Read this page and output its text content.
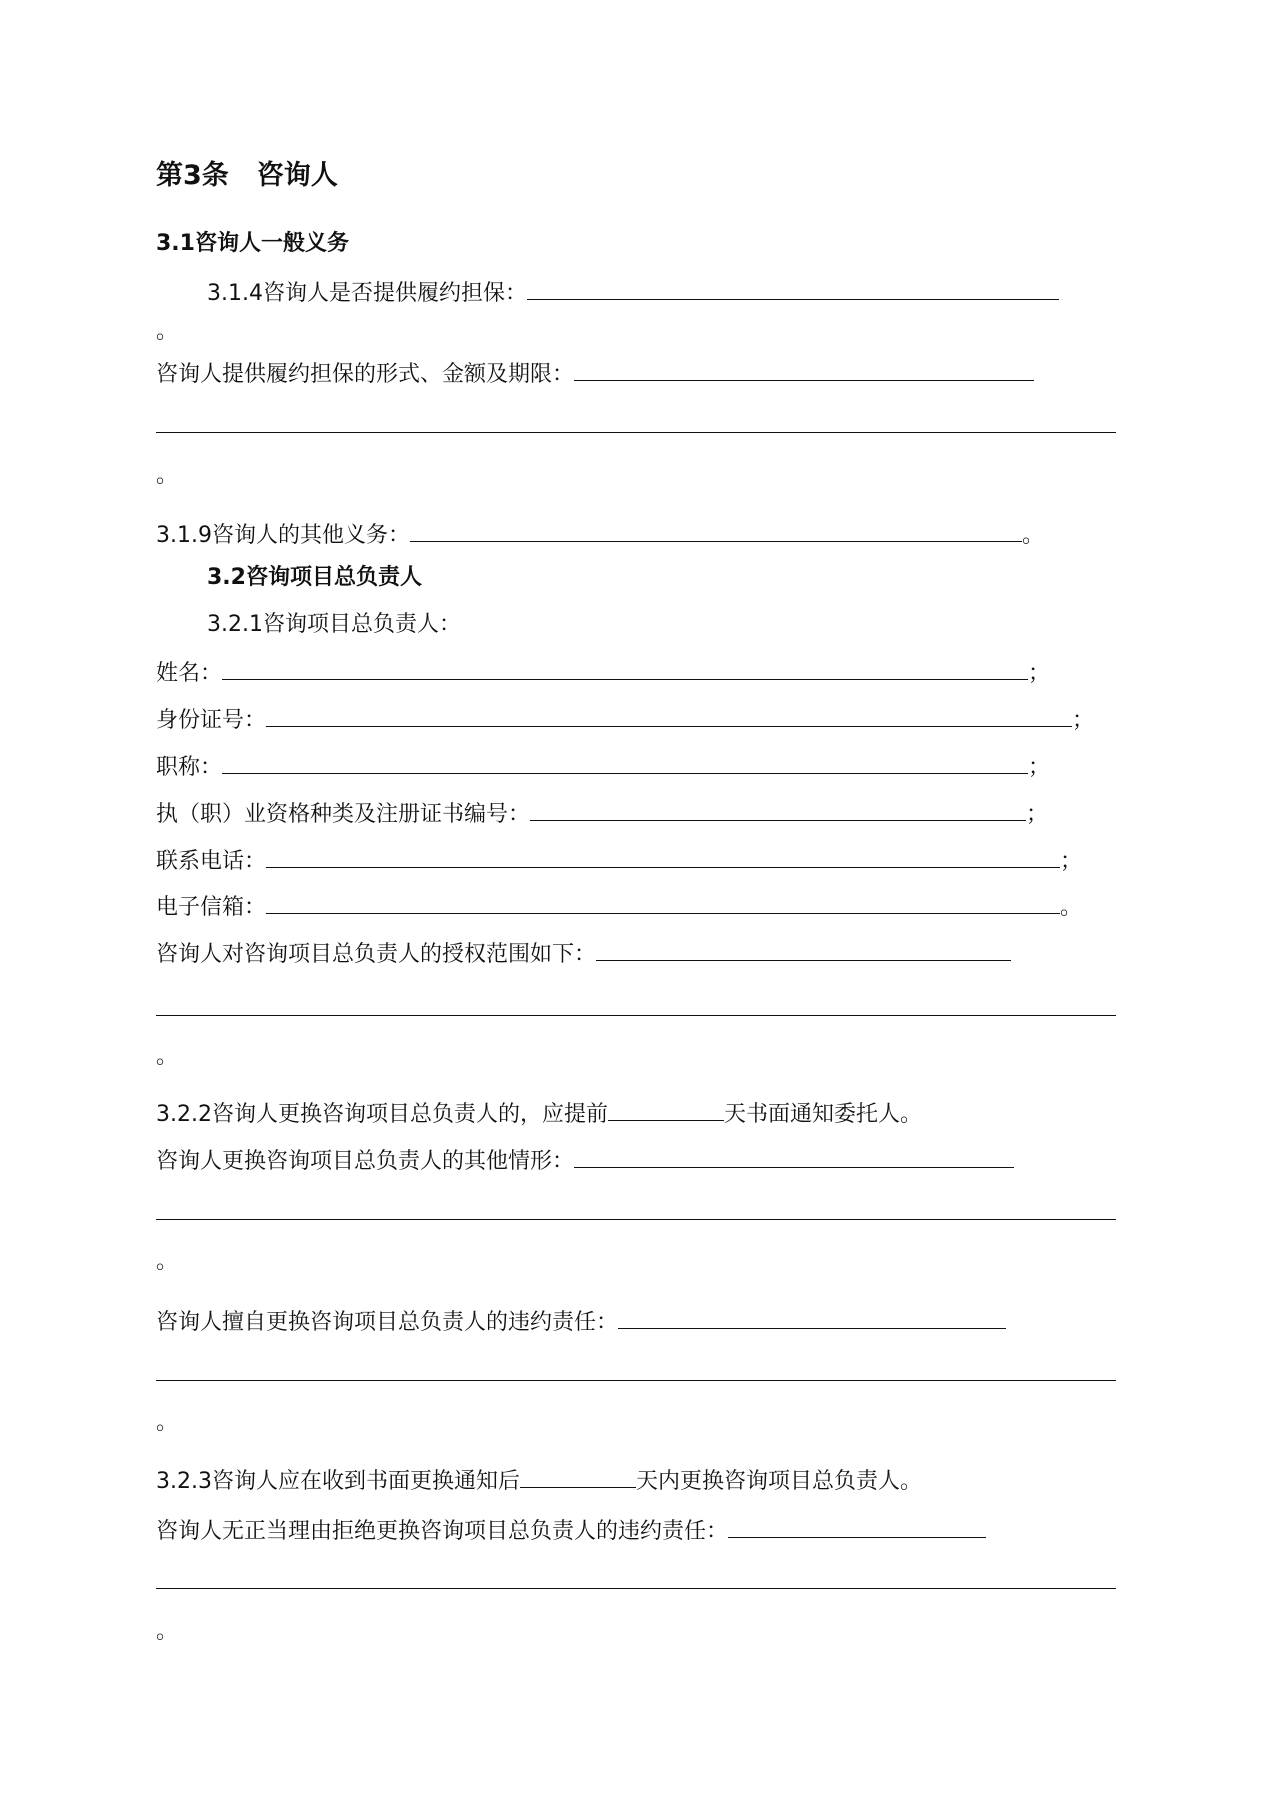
第3条 咨询人
3.1咨询人一般义务
3.1.4咨询人是否提供履约担保：
。
咨询人提供履约担保的形式、金额及期限：
。
3.1.9咨询人的其他义务：	。
3.2咨询项目总负责人
3.2.1咨询项目总负责人：
姓名：	；
身份证号：	；
职称：	；
执（职）业资格种类及注册证书编号：	；
联系电话：	；
电子信箱：	。
咨询人对咨询项目总负责人的授权范围如下：
。
3.2.2咨询人更换咨询项目总负责人的，应提前	天书面通知委托人。
咨询人更换咨询项目总负责人的其他情形：
。
咨询人擅自更换咨询项目总负责人的违约责任：
。
3.2.3咨询人应在收到书面更换通知后	天内更换咨询项目总负责人。
咨询人无正当理由拒绝更换咨询项目总负责人的违约责任：
。
